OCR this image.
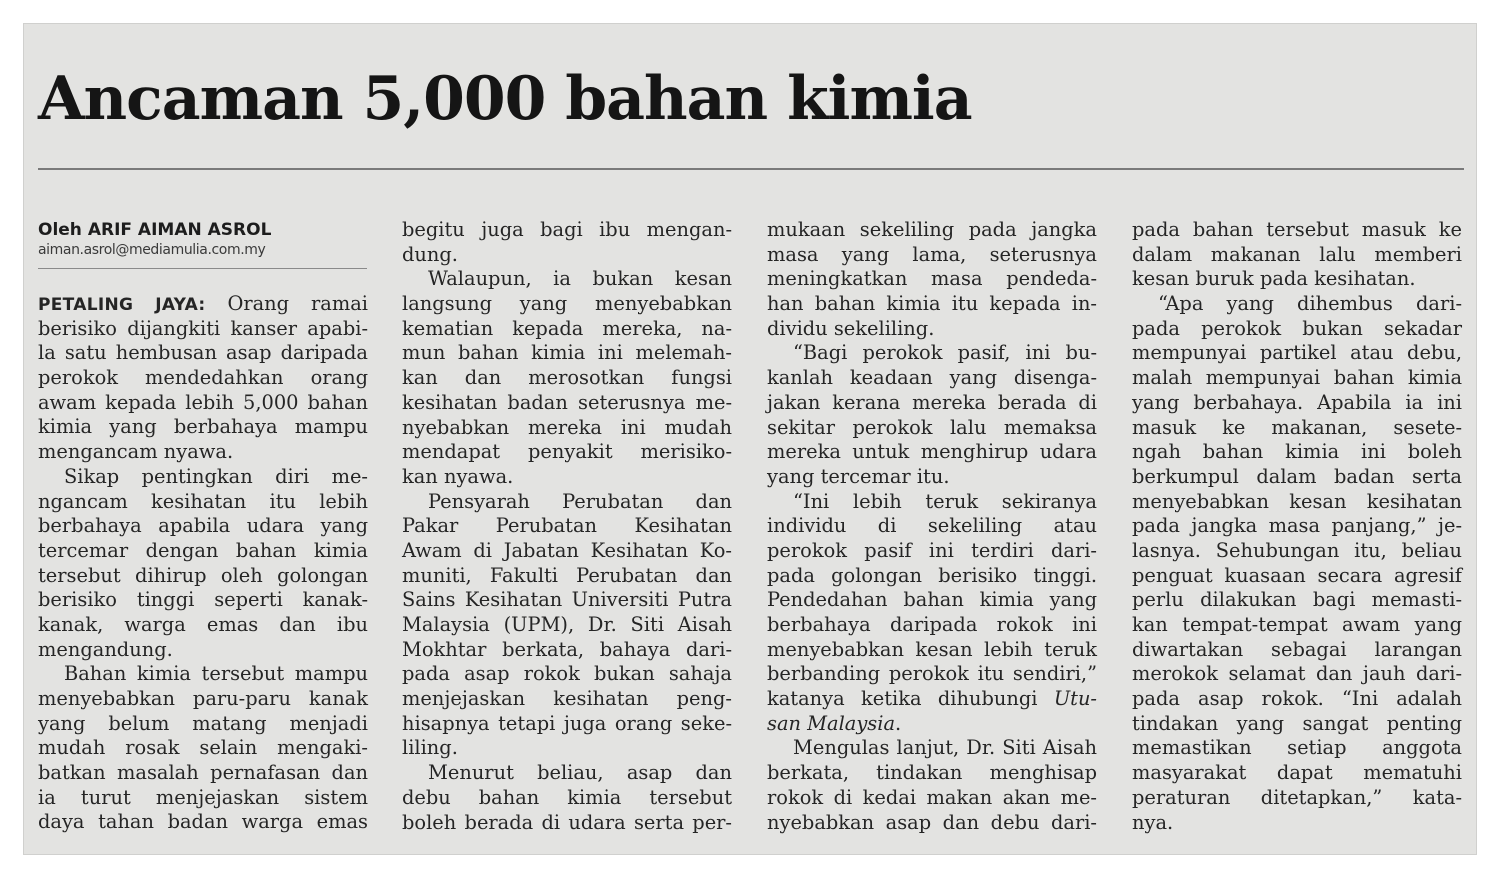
Ancaman 5,000 bahan kimia
Oleh ARIF AIMAN ASROL
aiman.asrol@mediamulia.com.my
PETALING JAYA: Orang ramai
berisiko dijangkiti kanser apabi-
la satu hembusan asap daripada
perokok mendedahkan orang
awam kepada lebih 5,000 bahan
kimia yang berbahaya mampu
mengancam nyawa.
Sikap pentingkan diri me-
ngancam kesihatan itu lebih
berbahaya apabila udara yang
tercemar dengan bahan kimia
tersebut dihirup oleh golongan
berisiko tinggi seperti kanak-
kanak, warga emas dan ibu
mengandung.
Bahan kimia tersebut mampu
menyebabkan paru-paru kanak
yang belum matang menjadi
mudah rosak selain mengaki-
batkan masalah pernafasan dan
ia turut menjejaskan sistem
daya tahan badan warga emas
begitu juga bagi ibu mengan-
dung.
Walaupun, ia bukan kesan
langsung yang menyebabkan
kematian kepada mereka, na-
mun bahan kimia ini melemah-
kan dan merosotkan fungsi
kesihatan badan seterusnya me-
nyebabkan mereka ini mudah
mendapat penyakit merisiko-
kan nyawa.
Pensyarah Perubatan dan
Pakar Perubatan Kesihatan
Awam di Jabatan Kesihatan Ko-
muniti, Fakulti Perubatan dan
Sains Kesihatan Universiti Putra
Malaysia (UPM), Dr. Siti Aisah
Mokhtar berkata, bahaya dari-
pada asap rokok bukan sahaja
menjejaskan kesihatan peng-
hisapnya tetapi juga orang seke-
liling.
Menurut beliau, asap dan
debu bahan kimia tersebut
boleh berada di udara serta per-
mukaan sekeliling pada jangka
masa yang lama, seterusnya
meningkatkan masa pendeda-
han bahan kimia itu kepada in-
dividu sekeliling.
“Bagi perokok pasif, ini bu-
kanlah keadaan yang disenga-
jakan kerana mereka berada di
sekitar perokok lalu memaksa
mereka untuk menghirup udara
yang tercemar itu.
“Ini lebih teruk sekiranya
individu di sekeliling atau
perokok pasif ini terdiri dari-
pada golongan berisiko tinggi.
Pendedahan bahan kimia yang
berbahaya daripada rokok ini
menyebabkan kesan lebih teruk
berbanding perokok itu sendiri,”
katanya ketika dihubungi Utu-
san Malaysia.
Mengulas lanjut, Dr. Siti Aisah
berkata, tindakan menghisap
rokok di kedai makan akan me-
nyebabkan asap dan debu dari-
pada bahan tersebut masuk ke
dalam makanan lalu memberi
kesan buruk pada kesihatan.
“Apa yang dihembus dari-
pada perokok bukan sekadar
mempunyai partikel atau debu,
malah mempunyai bahan kimia
yang berbahaya. Apabila ia ini
masuk ke makanan, sesete-
ngah bahan kimia ini boleh
berkumpul dalam badan serta
menyebabkan kesan kesihatan
pada jangka masa panjang,” je-
lasnya. Sehubungan itu, beliau
penguat kuasaan secara agresif
perlu dilakukan bagi memasti-
kan tempat-tempat awam yang
diwartakan sebagai larangan
merokok selamat dan jauh dari-
pada asap rokok. “Ini adalah
tindakan yang sangat penting
memastikan setiap anggota
masyarakat dapat mematuhi
peraturan ditetapkan,” kata-
nya.
